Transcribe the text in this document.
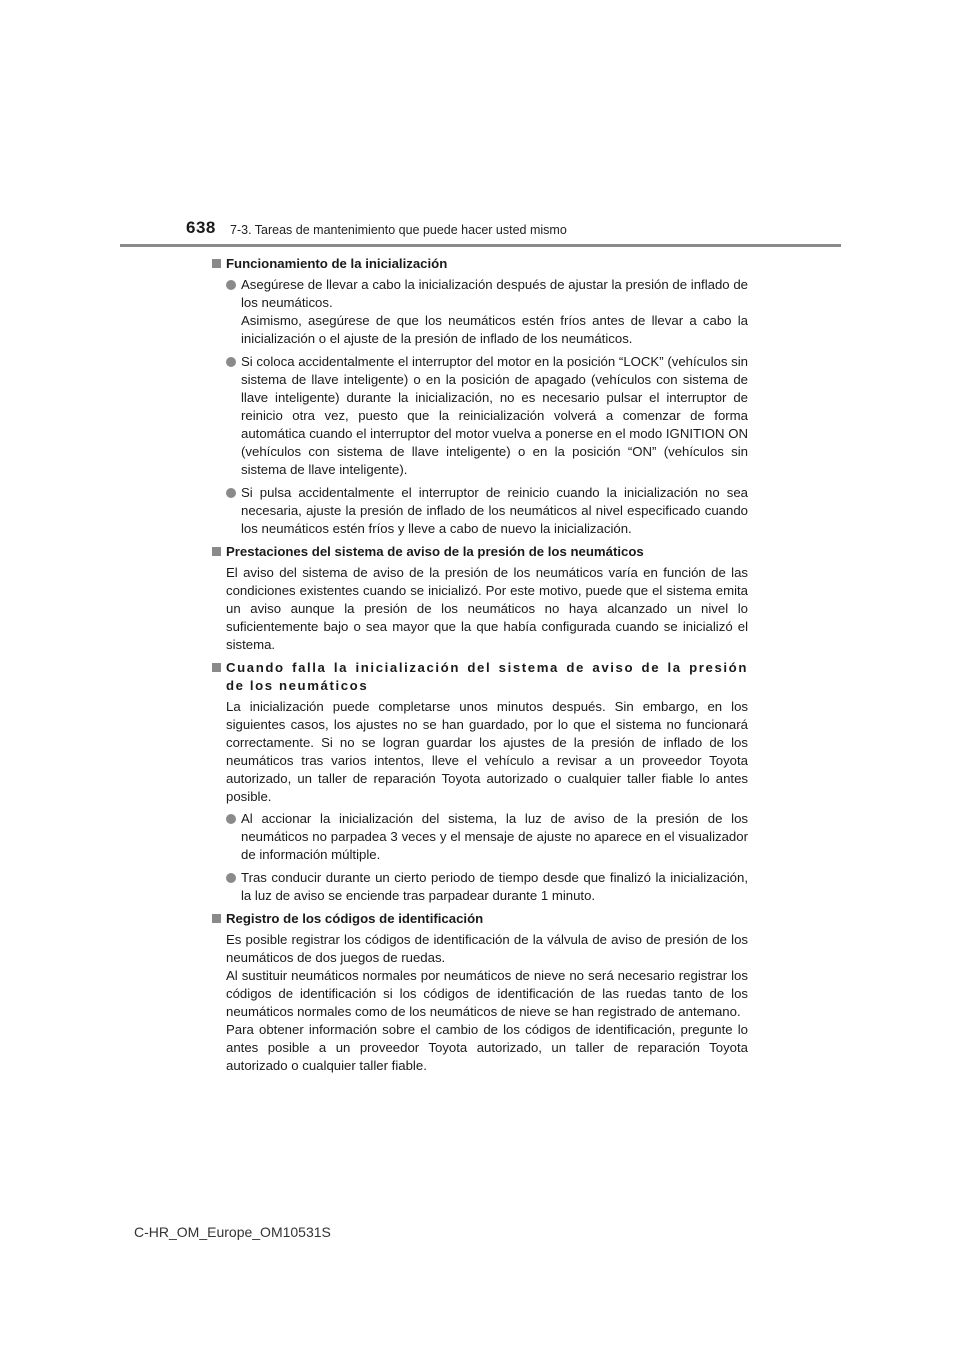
638 7-3. Tareas de mantenimiento que puede hacer usted mismo
Funcionamiento de la inicialización
Asegúrese de llevar a cabo la inicialización después de ajustar la presión de inflado de los neumáticos.
Asimismo, asegúrese de que los neumáticos estén fríos antes de llevar a cabo la inicialización o el ajuste de la presión de inflado de los neumáticos.
Si coloca accidentalmente el interruptor del motor en la posición “LOCK” (vehículos sin sistema de llave inteligente) o en la posición de apagado (vehículos con sistema de llave inteligente) durante la inicialización, no es necesario pulsar el interruptor de reinicio otra vez, puesto que la reinicialización volverá a comenzar de forma automática cuando el interruptor del motor vuelva a ponerse en el modo IGNITION ON (vehículos con sistema de llave inteligente) o en la posición “ON” (vehículos sin sistema de llave inteligente).
Si pulsa accidentalmente el interruptor de reinicio cuando la inicialización no sea necesaria, ajuste la presión de inflado de los neumáticos al nivel especificado cuando los neumáticos estén fríos y lleve a cabo de nuevo la inicialización.
Prestaciones del sistema de aviso de la presión de los neumáticos
El aviso del sistema de aviso de la presión de los neumáticos varía en función de las condiciones existentes cuando se inicializó. Por este motivo, puede que el sistema emita un aviso aunque la presión de los neumáticos no haya alcanzado un nivel lo suficientemente bajo o sea mayor que la que había configurada cuando se inicializó el sistema.
Cuando falla la inicialización del sistema de aviso de la presión de los neumáticos
La inicialización puede completarse unos minutos después. Sin embargo, en los siguientes casos, los ajustes no se han guardado, por lo que el sistema no funcionará correctamente. Si no se logran guardar los ajustes de la presión de inflado de los neumáticos tras varios intentos, lleve el vehículo a revisar a un proveedor Toyota autorizado, un taller de reparación Toyota autorizado o cualquier taller fiable lo antes posible.
Al accionar la inicialización del sistema, la luz de aviso de la presión de los neumáticos no parpadea 3 veces y el mensaje de ajuste no aparece en el visualizador de información múltiple.
Tras conducir durante un cierto periodo de tiempo desde que finalizó la inicialización, la luz de aviso se enciende tras parpadear durante 1 minuto.
Registro de los códigos de identificación
Es posible registrar los códigos de identificación de la válvula de aviso de presión de los neumáticos de dos juegos de ruedas.
Al sustituir neumáticos normales por neumáticos de nieve no será necesario registrar los códigos de identificación si los códigos de identificación de las ruedas tanto de los neumáticos normales como de los neumáticos de nieve se han registrado de antemano.
Para obtener información sobre el cambio de los códigos de identificación, pregunte lo antes posible a un proveedor Toyota autorizado, un taller de reparación Toyota autorizado o cualquier taller fiable.
C-HR_OM_Europe_OM10531S
